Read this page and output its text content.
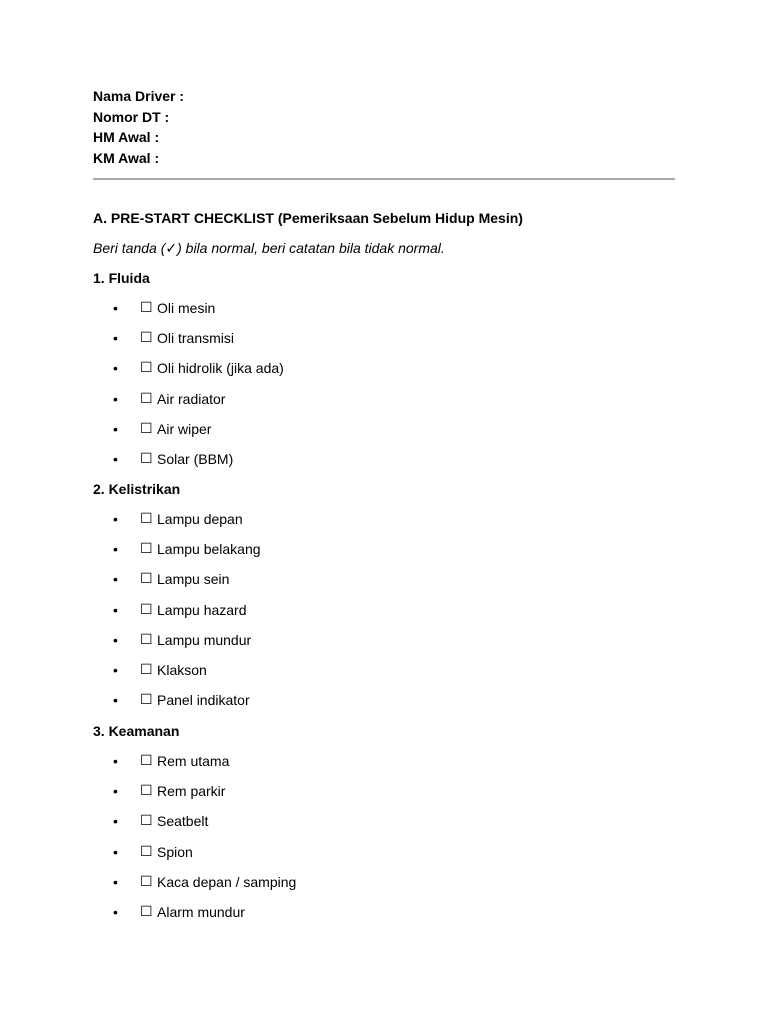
Nama Driver :
Nomor DT :
HM Awal :
KM Awal :
A. PRE-START CHECKLIST (Pemeriksaan Sebelum Hidup Mesin)
Beri tanda (✓) bila normal, beri catatan bila tidak normal.
1. Fluida
•	☐ Oli mesin
•	☐ Oli transmisi
•	☐ Oli hidrolik (jika ada)
•	☐ Air radiator
•	☐ Air wiper
•	☐ Solar (BBM)
2. Kelistrikan
•	☐ Lampu depan
•	☐ Lampu belakang
•	☐ Lampu sein
•	☐ Lampu hazard
•	☐ Lampu mundur
•	☐ Klakson
•	☐ Panel indikator
3. Keamanan
•	☐ Rem utama
•	☐ Rem parkir
•	☐ Seatbelt
•	☐ Spion
•	☐ Kaca depan / samping
•	☐ Alarm mundur
